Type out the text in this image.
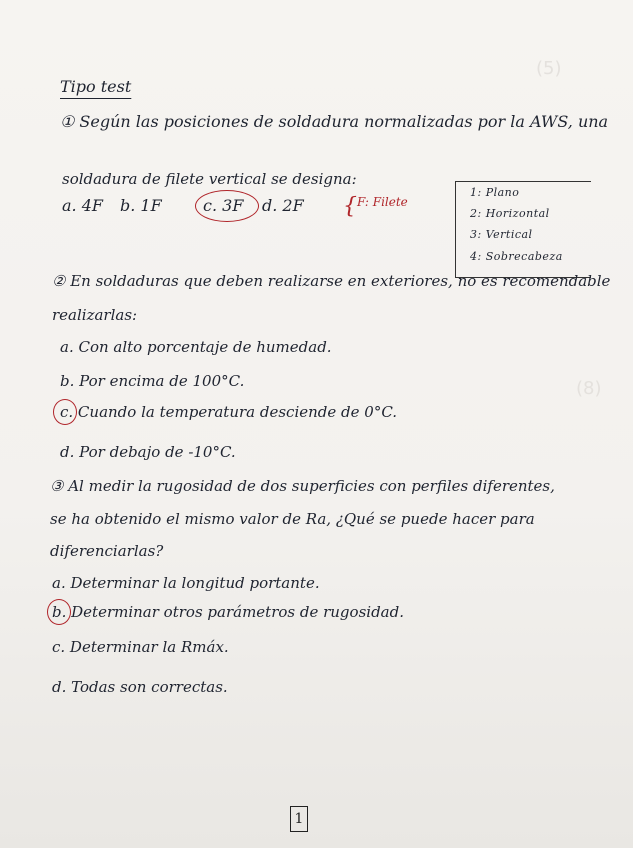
(5)
(8)
Tipo test
① Según las posiciones de soldadura normalizadas por la AWS, una
soldadura de filete vertical se designa:
a. 4F b. 1F	c. 3F d. 2F { F: Filete
1: Plano
2: Horizontal
3: Vertical
4: Sobrecabeza
② En soldaduras que deben realizarse en exteriores, no es recomendable
realizarlas:
a. Con alto porcentaje de humedad.
b. Por encima de 100°C.
c. Cuando la temperatura desciende de 0°C.
d. Por debajo de -10°C.
③ Al medir la rugosidad de dos superficies con perfiles diferentes,
se ha obtenido el mismo valor de Ra, ¿Qué se puede hacer para
diferenciarlas?
a. Determinar la longitud portante.
b. Determinar otros parámetros de rugosidad.
c. Determinar la Rmáx.
d. Todas son correctas.
1
